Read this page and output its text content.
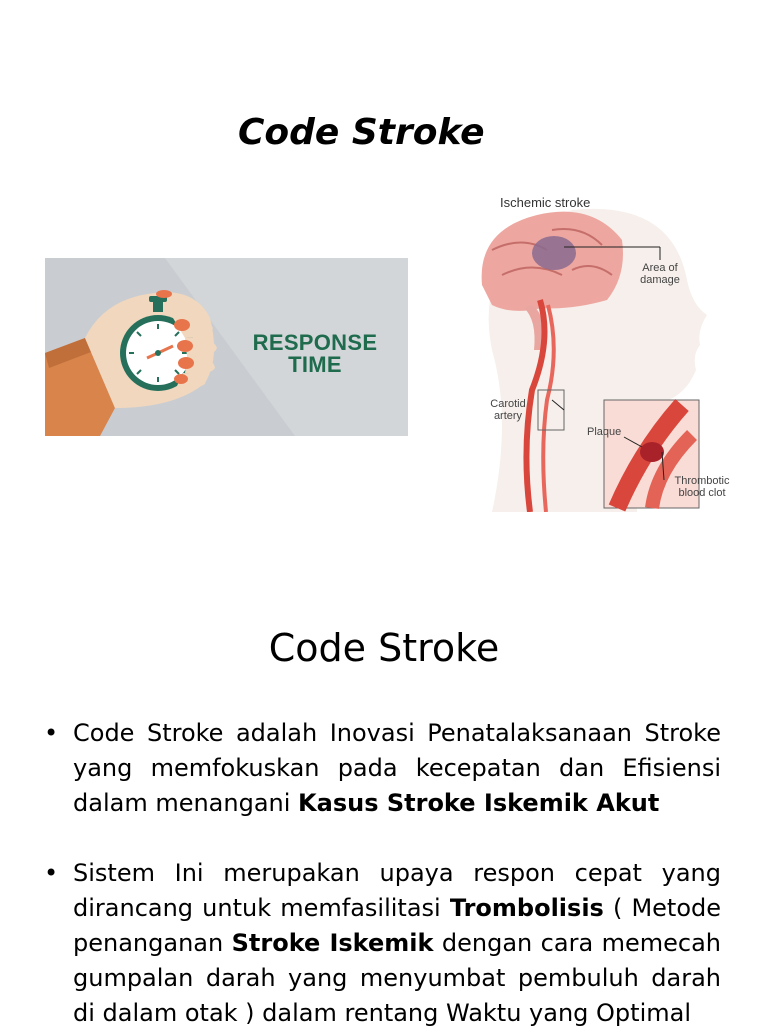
Code Stroke
RESPONSE TIME
Ischemic stroke
Area of damage
Carotid artery
Plaque
Thrombotic blood clot
Code Stroke
• Code Stroke adalah Inovasi Penatalaksanaan Stroke yang memfokuskan pada kecepatan dan Efisiensi dalam menangani Kasus Stroke Iskemik Akut
• Sistem Ini merupakan upaya respon cepat yang dirancang untuk memfasilitasi Trombolisis ( Metode penanganan Stroke Iskemik dengan cara memecah gumpalan darah yang menyumbat pembuluh darah di dalam otak ) dalam rentang Waktu yang Optimal
